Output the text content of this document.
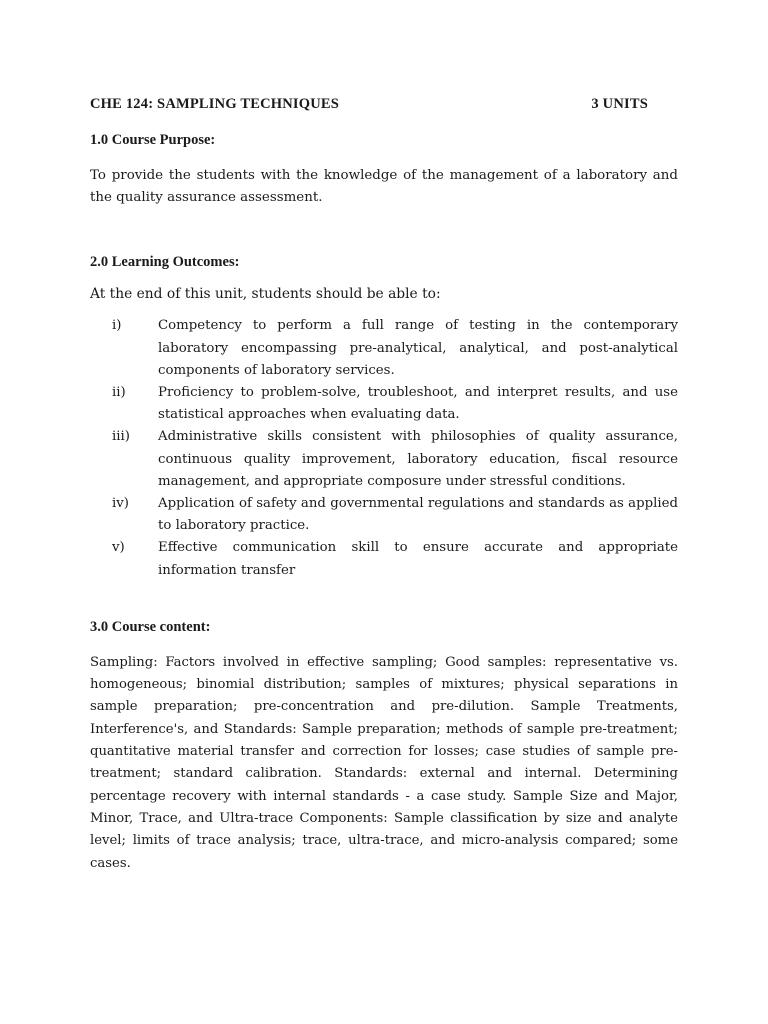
CHE 124: SAMPLING TECHNIQUES	3 UNITS
1.0 Course Purpose:

To provide the students with the knowledge of the management of a laboratory and the quality assurance assessment.

2.0 Learning Outcomes:

At the end of this unit, students should be able to:

i)	Competency to perform a full range of testing in the contemporary laboratory encompassing pre-analytical, analytical, and post-analytical components of laboratory services.
ii)	Proficiency to problem-solve, troubleshoot, and interpret results, and use statistical approaches when evaluating data.
iii)	Administrative skills consistent with philosophies of quality assurance, continuous quality improvement, laboratory education, fiscal resource management, and appropriate composure under stressful conditions.
iv)	Application of safety and governmental regulations and standards as applied to laboratory practice.
v)	Effective communication skill to ensure accurate and appropriate information transfer
3.0 Course content:

Sampling: Factors involved in effective sampling; Good samples: representative vs. homogeneous; binomial distribution; samples of mixtures; physical separations in sample preparation; pre-concentration and pre-dilution. Sample Treatments, Interference's, and Standards: Sample preparation; methods of sample pre-treatment; quantitative material transfer and correction for losses; case studies of sample pre-treatment; standard calibration. Standards: external and internal. Determining percentage recovery with internal standards - a case study. Sample Size and Major, Minor, Trace, and Ultra-trace Components: Sample classification by size and analyte level; limits of trace analysis; trace, ultra-trace, and micro-analysis compared; some cases.
